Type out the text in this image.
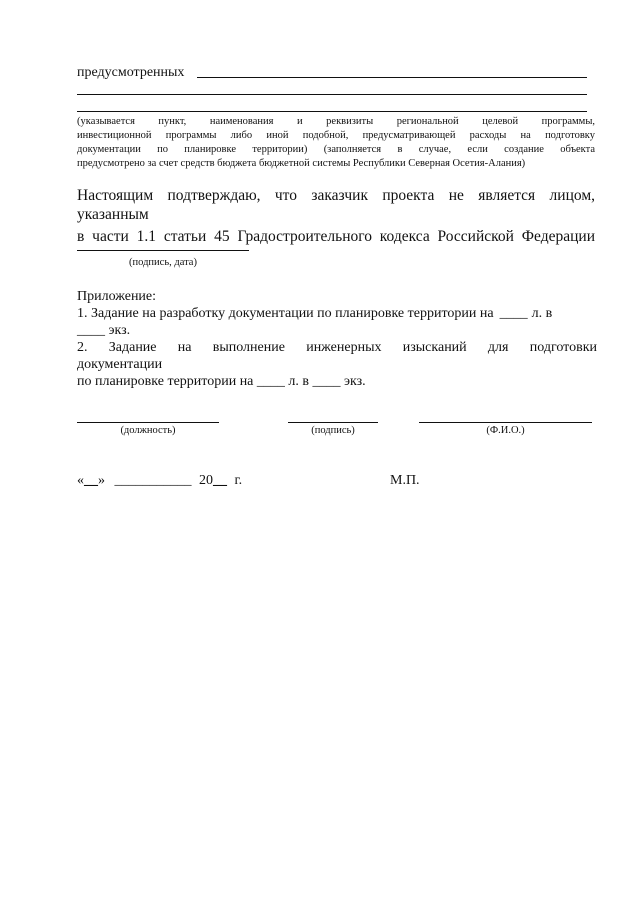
предусмотренных
(указывается пункт, наименования и реквизиты региональной целевой программы,
инвестиционной программы либо иной подобной, предусматривающей расходы на подготовку
документации по планировке территории) (заполняется в случае, если создание объекта
предусмотрено за счет средств бюджета бюджетной системы Республики Северная Осетия-Алания)
Настоящим подтверждаю, что заказчик проекта не является лицом, указанным
в части 1.1 статьи 45 Градостроительного кодекса Российской Федерации
(подпись, дата)
Приложение:
1. Задание на разработку документации по планировке территории на ____ л. в
____ экз.
2. Задание на выполнение инженерных изысканий для подготовки
документации
по планировке территории на ____ л. в ____ экз.
(должность)	(подпись)	(Ф.И.О.)
«__» ___________ 20__ г.	М.П.
